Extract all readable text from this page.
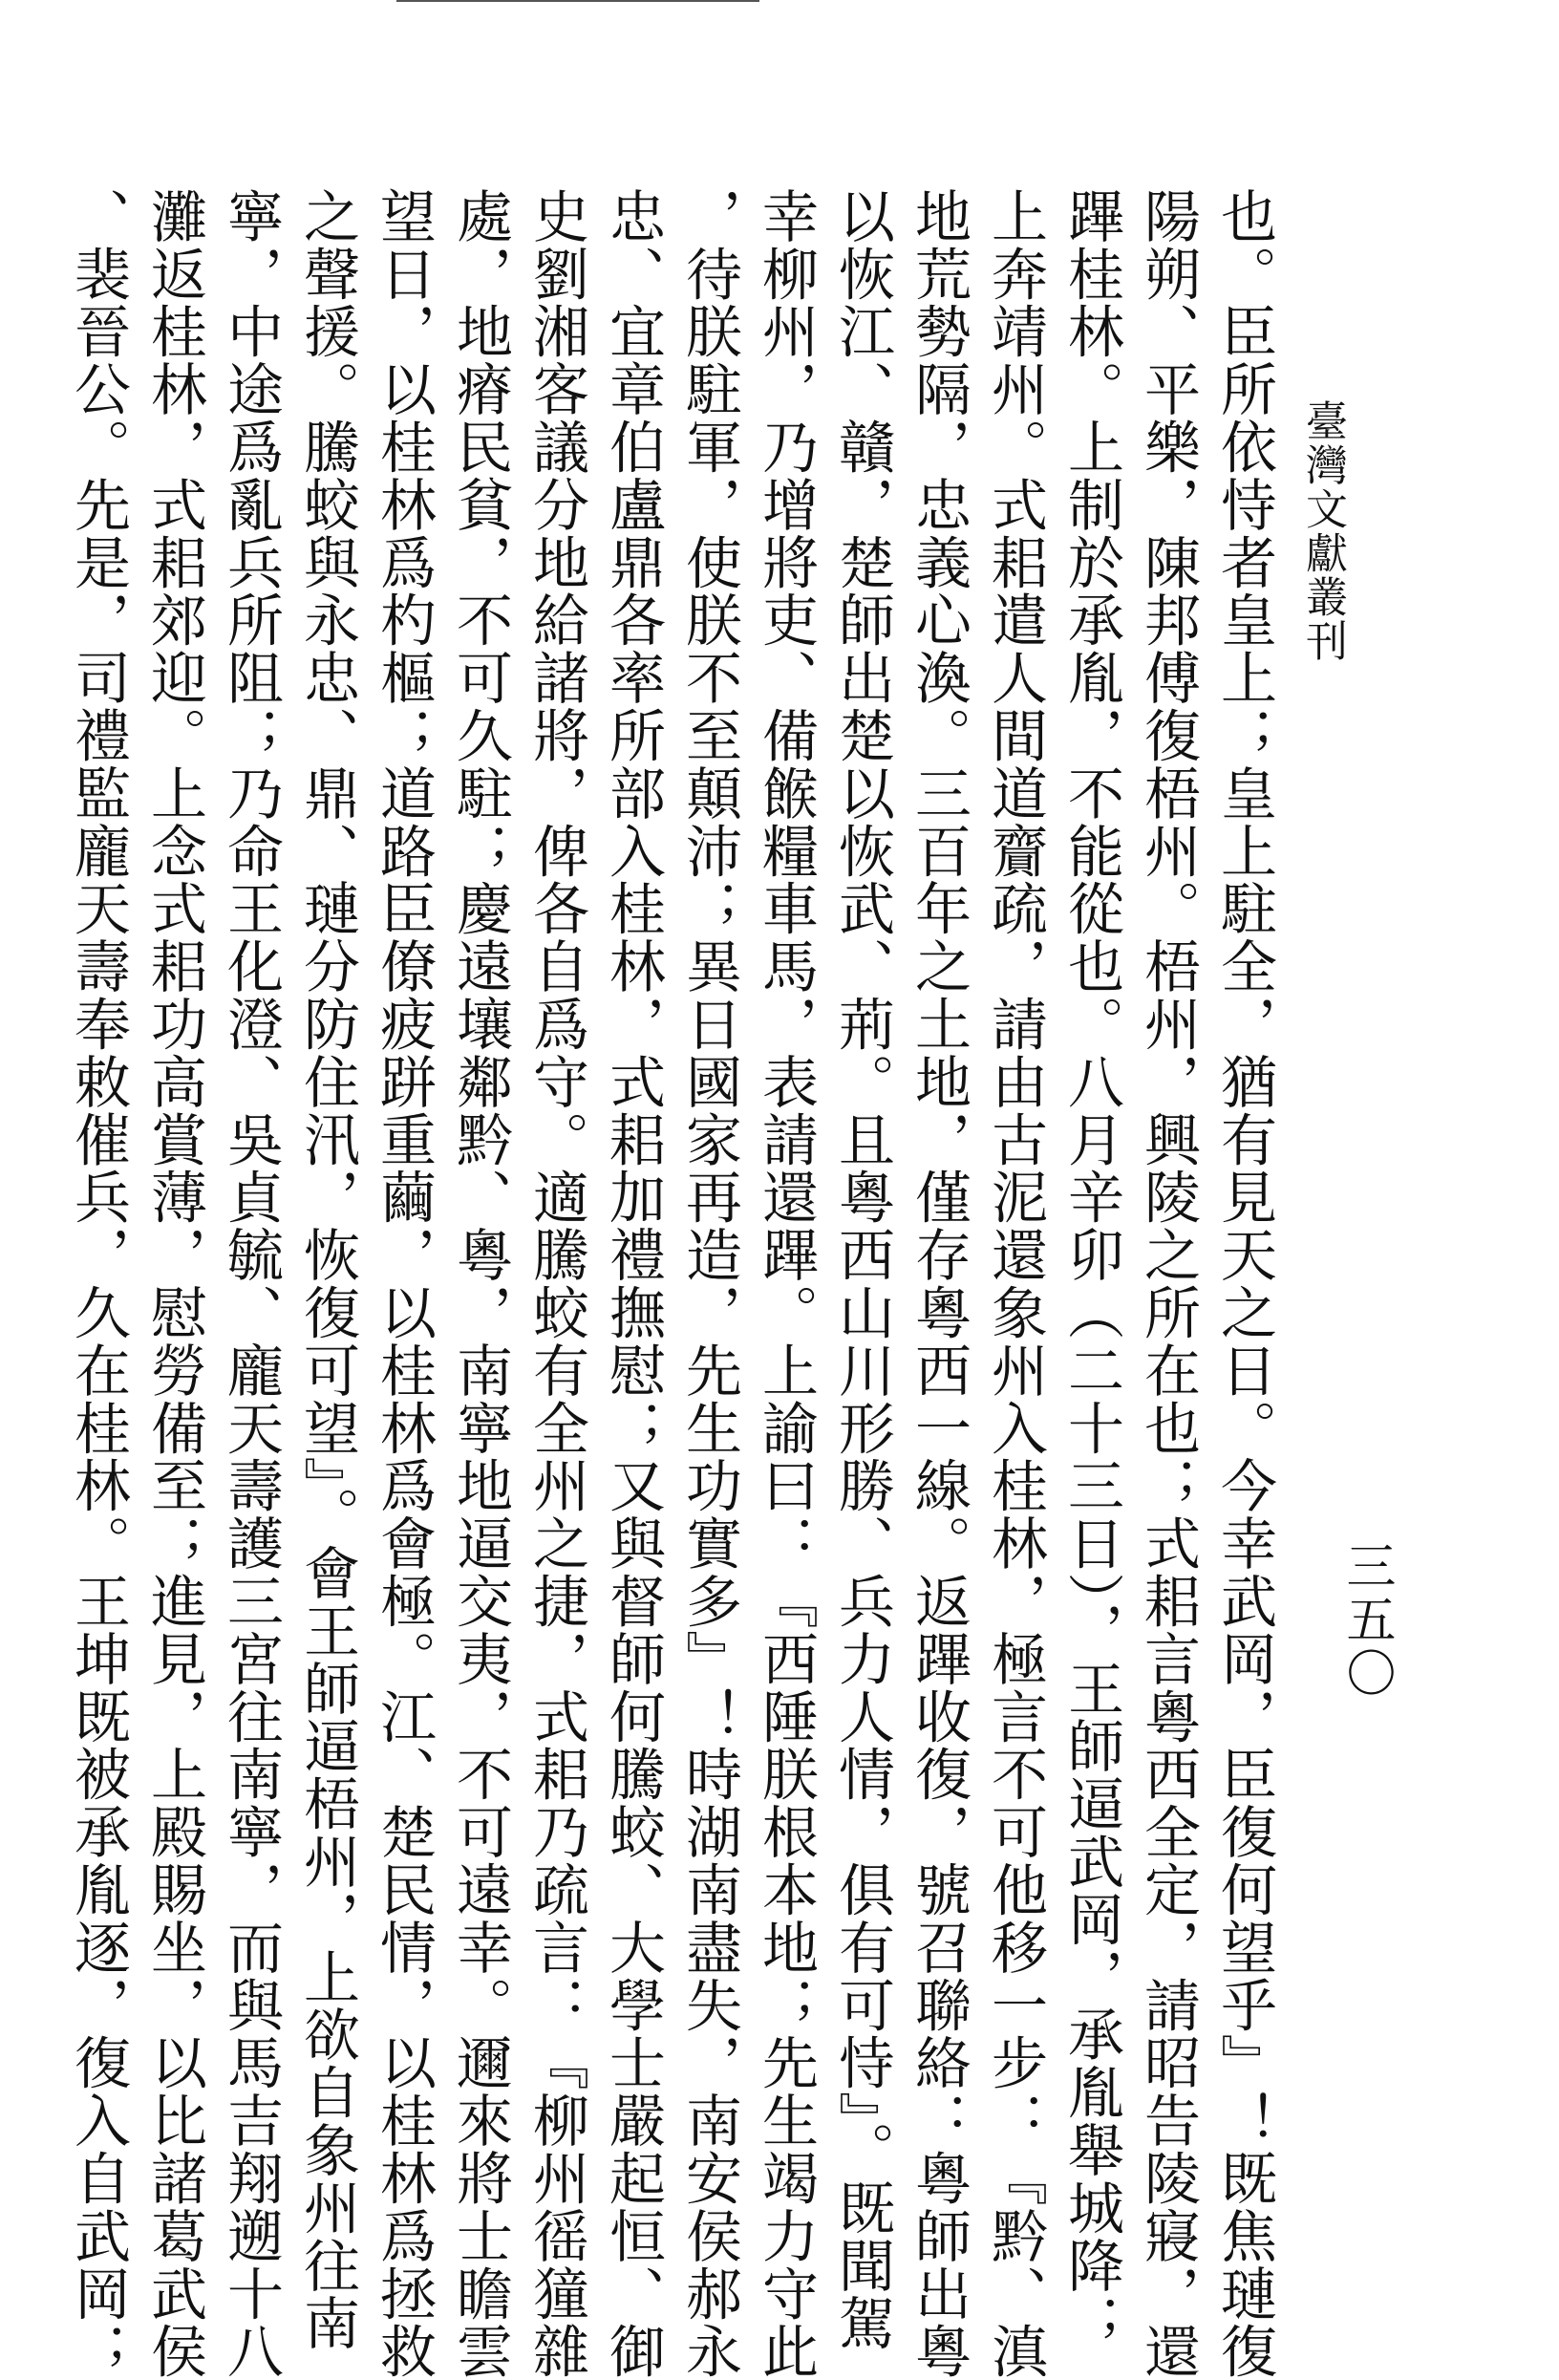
臺灣文獻叢刊
三五〇
也。臣所依恃者皇上；皇上駐全，猶有見天之日。今幸武岡，臣復何望乎』！既焦璉復
陽朔、平樂，陳邦傅復梧州。梧州，興陵之所在也；式耜言粵西全定，請昭告陵寢，還
蹕桂林。上制於承胤，不能從也。八月辛卯（二十三日），王師逼武岡，承胤舉城降；
上奔靖州。式耜遣人間道齎疏，請由古泥還象州入桂林，極言不可他移一步：『黔、滇
地荒勢隔，忠義心渙。三百年之土地，僅存粵西一線。返蹕收復，號召聯絡：粵師出粵
以恢江、贛，楚師出楚以恢武、荊。且粵西山川形勝、兵力人情，俱有可恃』。既聞駕
幸柳州，乃增將吏、備餱糧車馬，表請還蹕。上諭曰：『西陲朕根本地；先生竭力守此
，待朕駐軍，使朕不至顛沛；異日國家再造，先生功實多』！時湖南盡失，南安侯郝永
忠、宜章伯盧鼎各率所部入桂林，式耜加禮撫慰；又與督師何騰蛟、大學士嚴起恒、御
史劉湘客議分地給諸將，俾各自爲守。適騰蛟有全州之捷，式耜乃疏言：『柳州徭獞雜
處，地瘠民貧，不可久駐；慶遠壤鄰黔、粵，南寧地逼交夷，不可遠幸。邇來將士瞻雲
望日，以桂林爲杓樞；道路臣僚疲跰重繭，以桂林爲會極。江、楚民情，以桂林爲拯救
之聲援。騰蛟與永忠、鼎、璉分防住汛，恢復可望』。會王師逼梧州，上欲自象州往南
寧，中途爲亂兵所阻；乃命王化澄、吳貞毓、龐天壽護三宮往南寧，而與馬吉翔遡十八
灘返桂林，式耜郊迎。上念式耜功高賞薄，慰勞備至；進見，上殿賜坐，以比諸葛武侯
、裴晉公。先是，司禮監龐天壽奉敕催兵，久在桂林。王坤既被承胤逐，復入自武岡；
